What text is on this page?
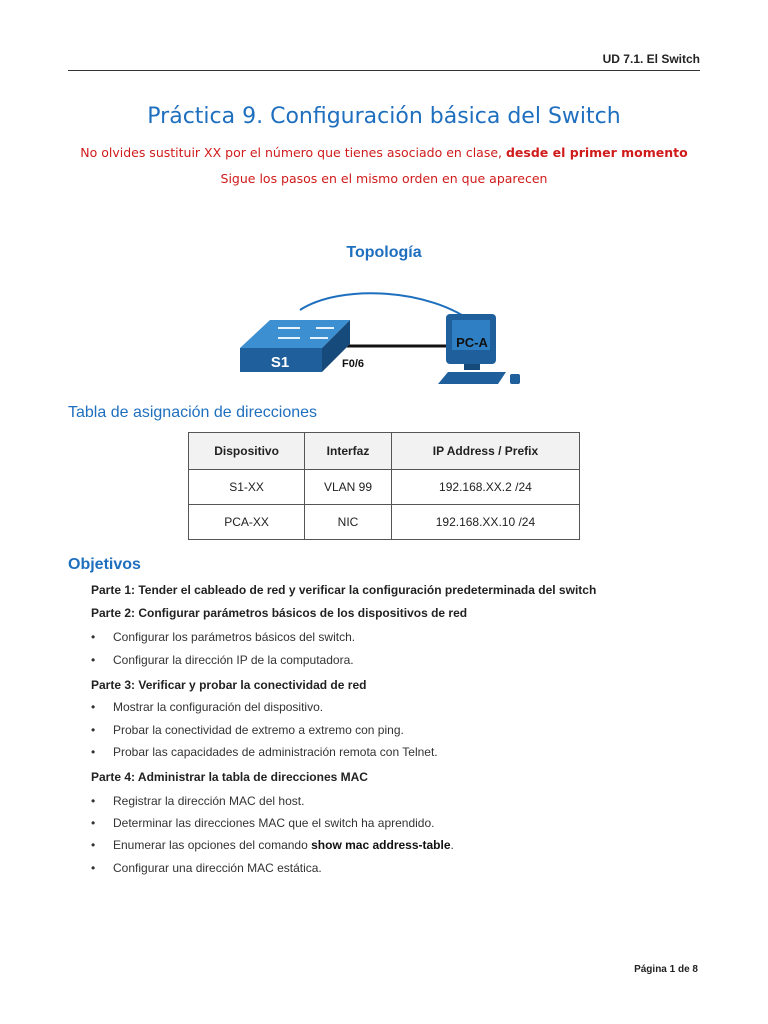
UD 7.1. El Switch
Práctica 9. Configuración básica del Switch
No olvides sustituir XX por el número que tienes asociado en clase, desde el primer momento
Sigue los pasos en el mismo orden en que aparecen
Topología
S1	F0/6
PC-A
Tabla de asignación de direcciones
Dispositivo	Interfaz	IP Address / Prefix
S1-XX	VLAN 99	192.168.XX.2 /24
PCA-XX	NIC	192.168.XX.10 /24
Objetivos
Parte 1: Tender el cableado de red y verificar la configuración predeterminada del switch
Parte 2: Configurar parámetros básicos de los dispositivos de red
• Configurar los parámetros básicos del switch.
• Configurar la dirección IP de la computadora.
Parte 3: Verificar y probar la conectividad de red
• Mostrar la configuración del dispositivo.
• Probar la conectividad de extremo a extremo con ping.
• Probar las capacidades de administración remota con Telnet.
Parte 4: Administrar la tabla de direcciones MAC
• Registrar la dirección MAC del host.
• Determinar las direcciones MAC que el switch ha aprendido.
• Enumerar las opciones del comando show mac address-table.
• Configurar una dirección MAC estática.
Página 1 de 8
